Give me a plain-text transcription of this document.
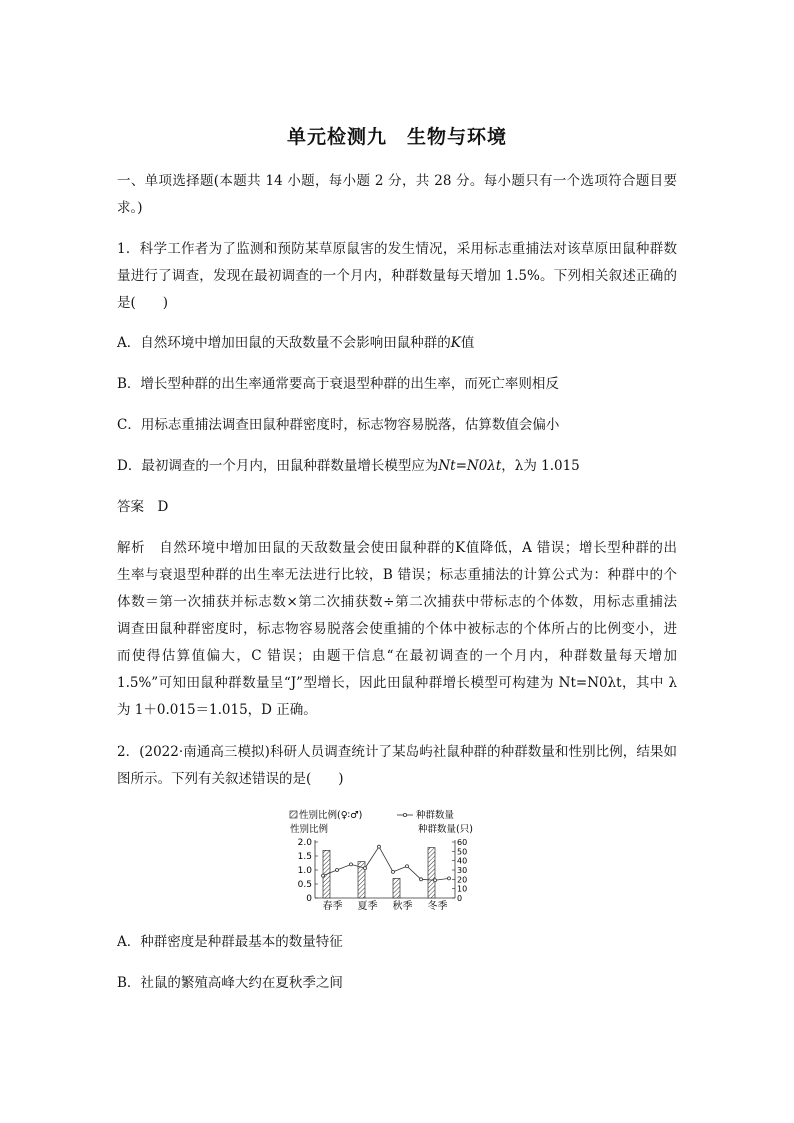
单元检测九　生物与环境
一、单项选择题(本题共 14 小题，每小题 2 分，共 28 分。每小题只有一个选项符合题目要
求。)
1．科学工作者为了监测和预防某草原鼠害的发生情况，采用标志重捕法对该草原田鼠种群数
量进行了调查，发现在最初调查的一个月内，种群数量每天增加 1.5%。下列相关叙述正确的
是(　　)
A．自然环境中增加田鼠的天敌数量不会影响田鼠种群的K值
B．增长型种群的出生率通常要高于衰退型种群的出生率，而死亡率则相反
C．用标志重捕法调查田鼠种群密度时，标志物容易脱落，估算数值会偏小
D．最初调查的一个月内，田鼠种群数量增长模型应为Nt=N0λt，λ为 1.015
答案　D
解析　自然环境中增加田鼠的天敌数量会使田鼠种群的K值降低，A 错误；增长型种群的出
生率与衰退型种群的出生率无法进行比较，B 错误；标志重捕法的计算公式为：种群中的个
体数＝第一次捕获并标志数×第二次捕获数÷第二次捕获中带标志的个体数，用标志重捕法
调查田鼠种群密度时，标志物容易脱落会使重捕的个体中被标志的个体所占的比例变小，进
而使得估算值偏大，C 错误；由题干信息“在最初调查的一个月内，种群数量每天增加
1.5%”可知田鼠种群数量呈“J”型增长，因此田鼠种群增长模型可构建为 Nt=N0λt，其中 λ
为 1＋0.015＝1.015，D 正确。
2．(2022·南通高三模拟)科研人员调查统计了某岛屿社鼠种群的种群数量和性别比例，结果如
图所示。下列有关叙述错误的是(　　)
性别比例(♀∶♂)	种群数量
性别比例	种群数量(只)
2.0
1.5
1.0
0.5
0
60
50
40
30
20
10
0
春季 夏季 秋季 冬季
A．种群密度是种群最基本的数量特征
B．社鼠的繁殖高峰大约在夏秋季之间
